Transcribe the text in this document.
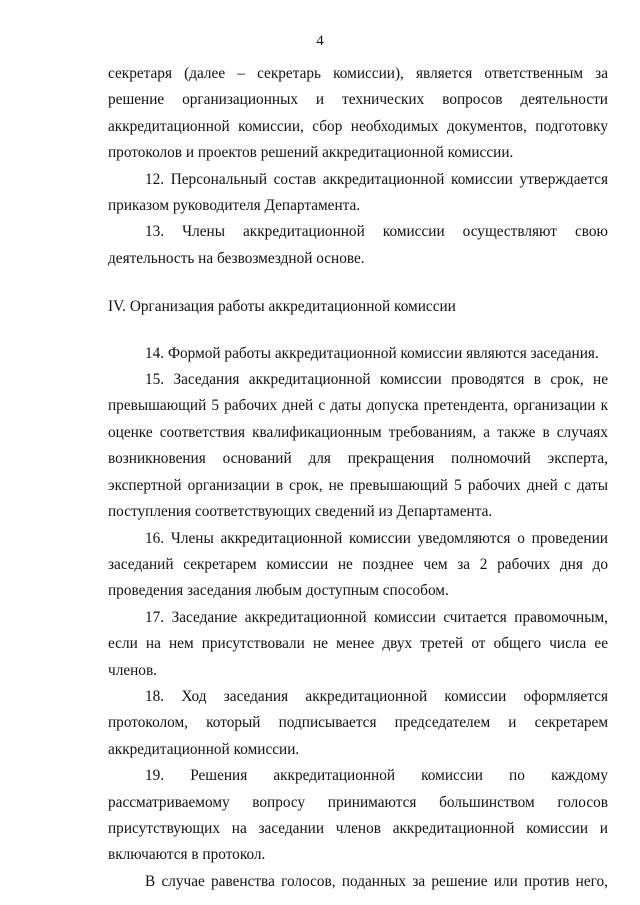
4

секретаря (далее – секретарь комиссии), является ответственным за решение организационных и технических вопросов деятельности аккредитационной комиссии, сбор необходимых документов, подготовку протоколов и проектов решений аккредитационной комиссии.

12. Персональный состав аккредитационной комиссии утверждается приказом руководителя Департамента.

13. Члены аккредитационной комиссии осуществляют свою деятельность на безвозмездной основе.

IV. Организация работы аккредитационной комиссии

14. Формой работы аккредитационной комиссии являются заседания.

15. Заседания аккредитационной комиссии проводятся в срок, не превышающий 5 рабочих дней с даты допуска претендента, организации к оценке соответствия квалификационным требованиям, а также в случаях возникновения оснований для прекращения полномочий эксперта, экспертной организации в срок, не превышающий 5 рабочих дней с даты поступления соответствующих сведений из Департамента.

16. Члены аккредитационной комиссии уведомляются о проведении заседаний секретарем комиссии не позднее чем за 2 рабочих дня до проведения заседания любым доступным способом.

17. Заседание аккредитационной комиссии считается правомочным, если на нем присутствовали не менее двух третей от общего числа ее членов.

18. Ход заседания аккредитационной комиссии оформляется протоколом, который подписывается председателем и секретарем аккредитационной комиссии.

19. Решения аккредитационной комиссии по каждому рассматриваемому вопросу принимаются большинством голосов присутствующих на заседании членов аккредитационной комиссии и включаются в протокол.

В случае равенства голосов, поданных за решение или против него,
